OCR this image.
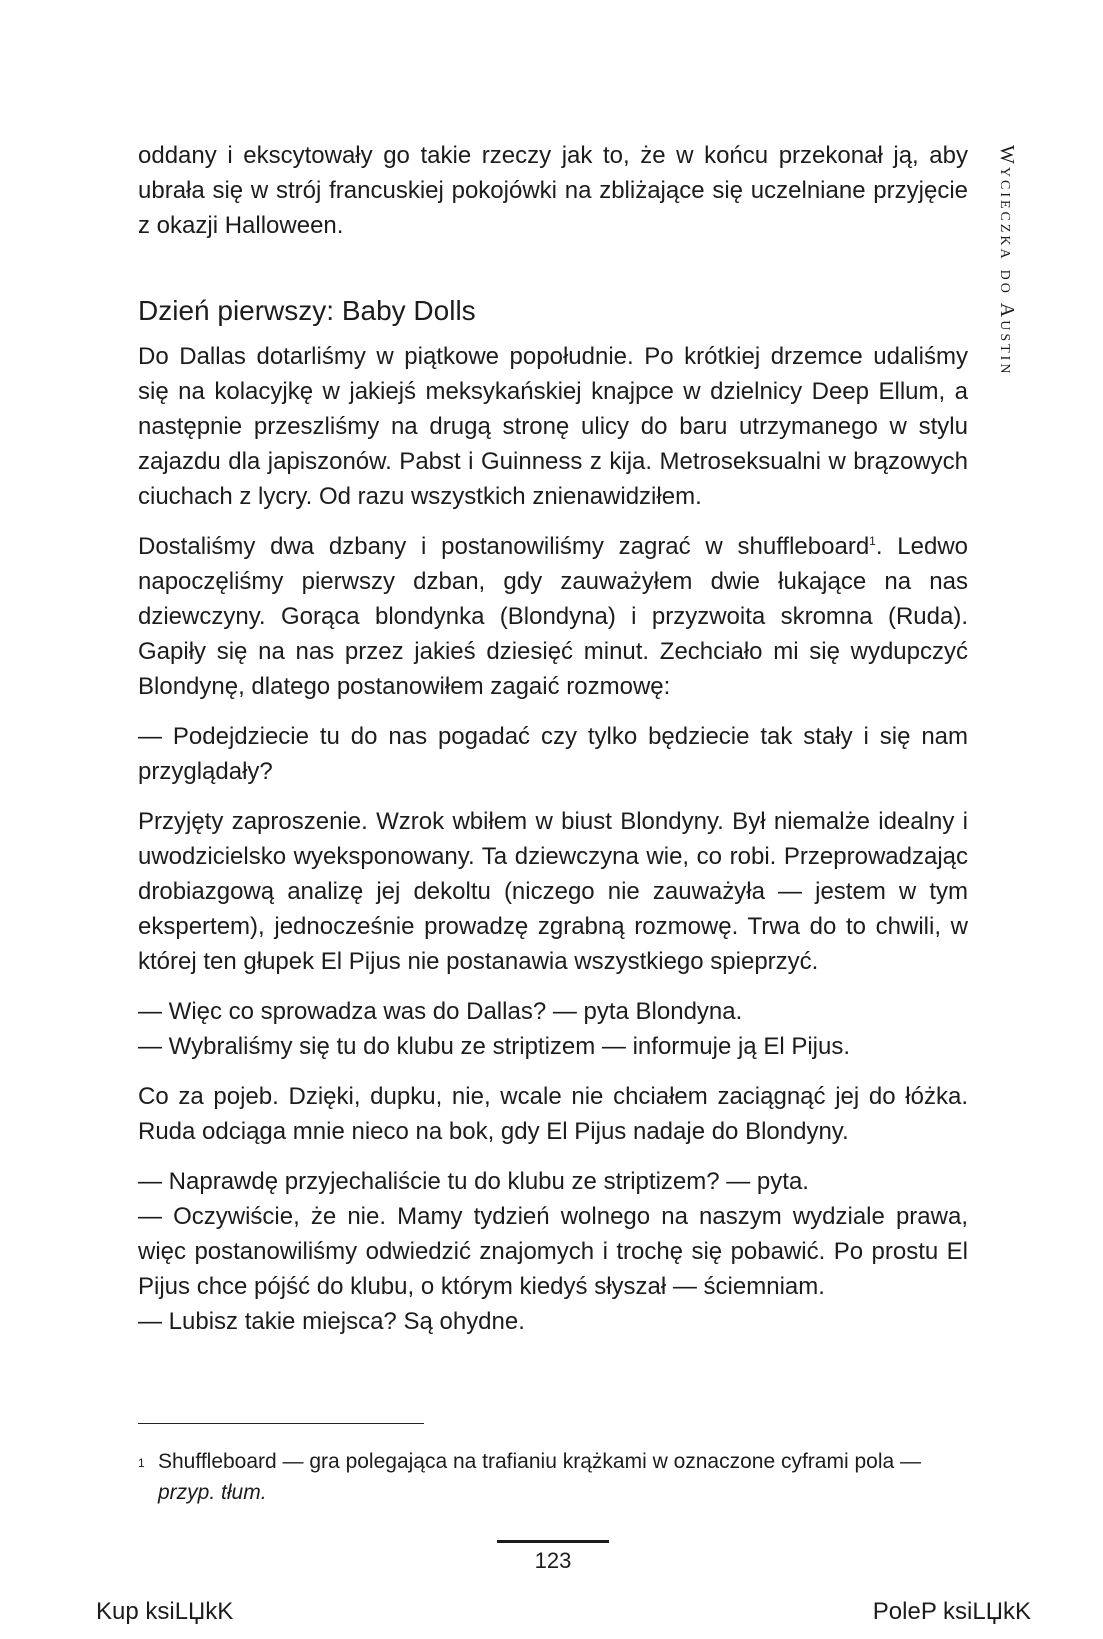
Wycieczka do Austin

oddany i ekscytowały go takie rzeczy jak to, że w końcu przekonał ją, aby ubrała się w strój francuskiej pokojówki na zbliżające się uczelniane przyjęcie z okazji Halloween.

Dzień pierwszy: Baby Dolls

Do Dallas dotarliśmy w piątkowe popołudnie. Po krótkiej drzemce udaliśmy się na kolacyjkę w jakiejś meksykańskiej knajpce w dzielnicy Deep Ellum, a następnie przeszliśmy na drugą stronę ulicy do baru utrzymanego w stylu zajazdu dla japiszonów. Pabst i Guinness z kija. Metroseksualni w brązowych ciuchach z lycry. Od razu wszystkich znienawidziłem.

Dostaliśmy dwa dzbany i postanowiliśmy zagrać w shuffleboard$^1$. Ledwo napoczęliśmy pierwszy dzban, gdy zauważyłem dwie łukające na nas dziewczyny. Gorąca blondynka (Blondyna) i przyzwoita skromna (Ruda). Gapiły się na nas przez jakieś dziesięć minut. Zechciało mi się wydupczyć Blondynę, dlatego postanowiłem zagaić rozmowę:

— Podejdziecie tu do nas pogadać czy tylko będziecie tak stały i się nam przyglądały?

Przyjęty zaproszenie. Wzrok wbiłem w biust Blondyny. Był niemalże idealny i uwodzicielsko wyeksponowany. Ta dziewczyna wie, co robi. Przeprowadzając drobiazgową analizę jej dekoltu (niczego nie zauważyła — jestem w tym ekspertem), jednocześnie prowadzę zgrabną rozmowę. Trwa do to chwili, w której ten głupek El Pijus nie postanawia wszystkiego spieprzyć.

— Więc co sprowadza was do Dallas? — pyta Blondyna.

— Wybraliśmy się tu do klubu ze striptizem — informuje ją El Pijus.

Co za pojeb. Dzięki, dupku, nie, wcale nie chciałem zaciągnąć jej do łóżka. Ruda odciąga mnie nieco na bok, gdy El Pijus nadaje do Blondyny.

— Naprawdę przyjechaliście tu do klubu ze striptizem? — pyta.

— Oczywiście, że nie. Mamy tydzień wolnego na naszym wydziale prawa, więc postanowiliśmy odwiedzić znajomych i trochę się pobawić. Po prostu El Pijus chce pójść do klubu, o którym kiedyś słyszał — ściemniam.

— Lubisz takie miejsca? Są ohydne.

1 Shuffleboard — gra polegająca na trafianiu krążkami w oznaczone cyframi pola — przyp. tłum.
123
Kup ksiLЏkK	PoleP ksiLЏkK
